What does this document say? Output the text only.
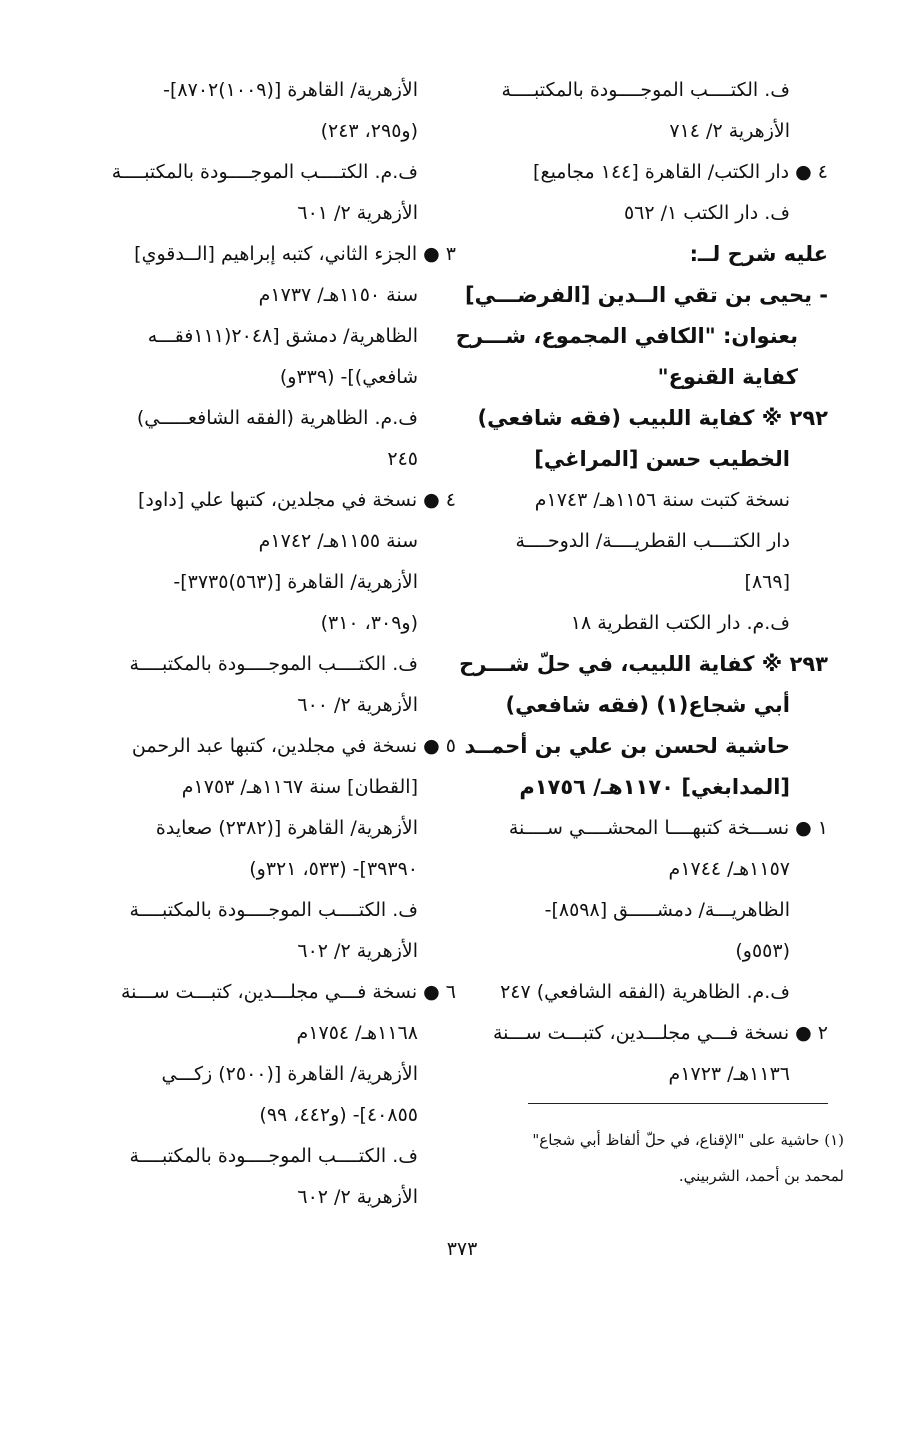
ف. الكتــــب الموجــــودة بالمكتبــــة
الأزهرية ٢/ ٧١٤
٤ ● دار الكتب/ القاهرة [١٤٤ مجاميع]
ف. دار الكتب ١/ ٥٦٢
عليه شرح لــ:
- يحيى بن تقي الــدين [الفرضـــي]
بعنوان: "الكافي المجموع، شـــرح
كفاية القنوع"
٢٩٢ ※ كفاية اللبيب (فقه شافعي)
الخطيب حسن [المراغي]
نسخة كتبت سنة ١١٥٦هـ/ ١٧٤٣م
دار الكتــــب القطريــــة/ الدوحــــة
[٨٦٩]
ف.م. دار الكتب القطرية ١٨
٢٩٣ ※ كفاية اللبيب، في حلّ شـــرح
أبي شجاع(١) (فقه شافعي)
حاشية لحسن بن علي بن أحمــد
[المدابغي] ١١٧٠هـ/ ١٧٥٦م
١ ● نســـخة كتبهــــا المحشــــي ســــنة
١١٥٧هـ/ ١٧٤٤م
الظاهريـــة/ دمشـــــق [٨٥٩٨]-
(٥٥٣و)
ف.م. الظاهرية (الفقه الشافعي) ٢٤٧
٢ ● نسخة فـــي مجلـــدين، كتبـــت ســـنة
١١٣٦هـ/ ١٧٢٣م
الأزهرية/ القاهرة [(١٠٠٩)٨٧٠٢]-
(و٢٩٥، ٢٤٣)
ف.م. الكتــــب الموجــــودة بالمكتبــــة
الأزهرية ٢/ ٦٠١
٣ ● الجزء الثاني، كتبه إبراهيم [الــدقوي]
سنة ١١٥٠هـ/ ١٧٣٧م
الظاهرية/ دمشق [٢٠٤٨(١١١فقـــه
شافعي)]- (٣٣٩و)
ف.م. الظاهرية (الفقه الشافعـــــي)
٢٤٥
٤ ● نسخة في مجلدين، كتبها علي [داود]
سنة ١١٥٥هـ/ ١٧٤٢م
الأزهرية/ القاهرة [(٥٦٣)٣٧٣٥]-
(و٣٠٩، ٣١٠)
ف. الكتــــب الموجــــودة بالمكتبــــة
الأزهرية ٢/ ٦٠٠
٥ ● نسخة في مجلدين، كتبها عبد الرحمن
[القطان] سنة ١١٦٧هـ/ ١٧٥٣م
الأزهرية/ القاهرة [(٢٣٨٢) صعايدة
٣٩٣٩٠]- (٥٣٣، ٣٢١و)
ف. الكتــــب الموجــــودة بالمكتبــــة
الأزهرية ٢/ ٦٠٢
٦ ● نسخة فـــي مجلـــدين، كتبـــت ســـنة
١١٦٨هـ/ ١٧٥٤م
الأزهرية/ القاهرة [(٢٥٠٠) زكـــي
٤٠٨٥٥]- (و٤٤٢، ٩٩)
ف. الكتــــب الموجــــودة بالمكتبــــة
الأزهرية ٢/ ٦٠٢
(١) حاشية على "الإقناع، في حلّ ألفاظ أبي شجاع"
لمحمد بن أحمد، الشربيني.
٣٧٣
